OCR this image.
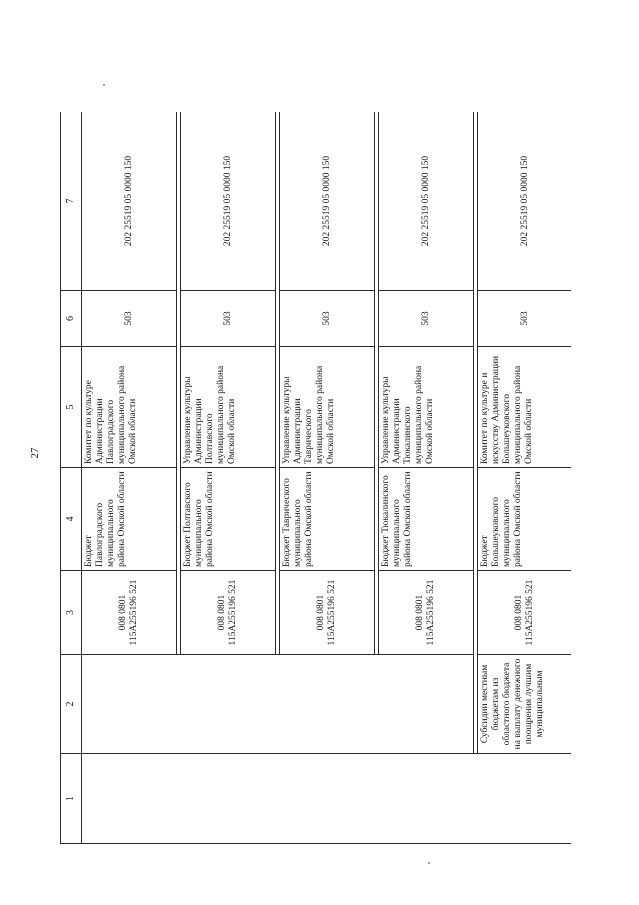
27
1	2	3	4	5	6	7
		008 0801 115A255196 521	Бюджет Павлоградского муниципального района Омской области	Комитет по культуре Администрации Павлоградского муниципального района Омской области	503	202 25519 05 0000 150

		008 0801 115A255196 521	Бюджет Полтавского муниципального района Омской области	Управление культуры Администрации Полтавского муниципального района Омской области	503	202 25519 05 0000 150

		008 0801 115A255196 521	Бюджет Таврического муниципального района Омской области	Управление культуры Администрации Таврического муниципального района Омской области	503	202 25519 05 0000 150

		008 0801 115A255196 521	Бюджет Тюкалинского муниципального района Омской области	Управление культуры Администрации Тюкалинского муниципального района Омской области	503	202 25519 05 0000 150

	Субсидии местным бюджетам из областного бюджета на выплату денежного поощрения лучшим муниципальным	008 0801 115A255196 521	Бюджет Большеуковского муниципального района Омской области	Комитет по культуре и искусству Администрации Большеуковского муниципального района Омской области	503	202 25519 05 0000 150
